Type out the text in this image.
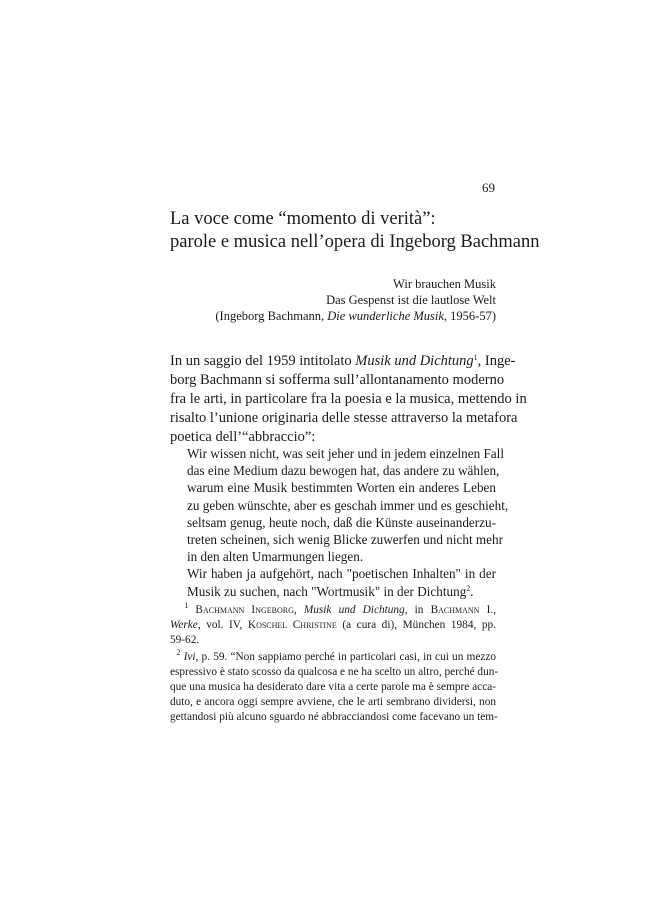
69
La voce come “momento di verità”:
parole e musica nell’opera di Ingeborg Bachmann
Wir brauchen Musik
Das Gespenst ist die lautlose Welt
(Ingeborg Bachmann, Die wunderliche Musik, 1956-57)
In un saggio del 1959 intitolato Musik und Dichtung$^1$, Inge-
borg Bachmann si sofferma sull’allontanamento moderno
fra le arti, in particolare fra la poesia e la musica, mettendo in
risalto l’unione originaria delle stesse attraverso la metafora
poetica dell’“abbraccio”:
Wir wissen nicht, was seit jeher und in jedem einzelnen Fall
das eine Medium dazu bewogen hat, das andere zu wählen,
warum eine Musik bestimmten Worten ein anderes Leben
zu geben wünschte, aber es geschah immer und es geschieht,
seltsam genug, heute noch, daß die Künste auseinanderzu-
treten scheinen, sich wenig Blicke zuwerfen und nicht mehr
in den alten Umarmungen liegen.
Wir haben ja aufgehört, nach "poetischen Inhalten" in der
Musik zu suchen, nach "Wortmusik" in der Dichtung$^2$.
$^1$ Bachmann Ingeborg, Musik und Dichtung, in Bachmann I.,
Werke, vol. IV, Koschel Christine (a cura di), München 1984, pp.
59-62.
$^2$ Ivi, p. 59. “Non sappiamo perché in particolari casi, in cui un mezzo
espressivo è stato scosso da qualcosa e ne ha scelto un altro, perché dun-
que una musica ha desiderato dare vita a certe parole ma è sempre acca-
duto, e ancora oggi sempre avviene, che le arti sembrano dividersi, non
gettandosi più alcuno sguardo né abbracciandosi come facevano un tem-
